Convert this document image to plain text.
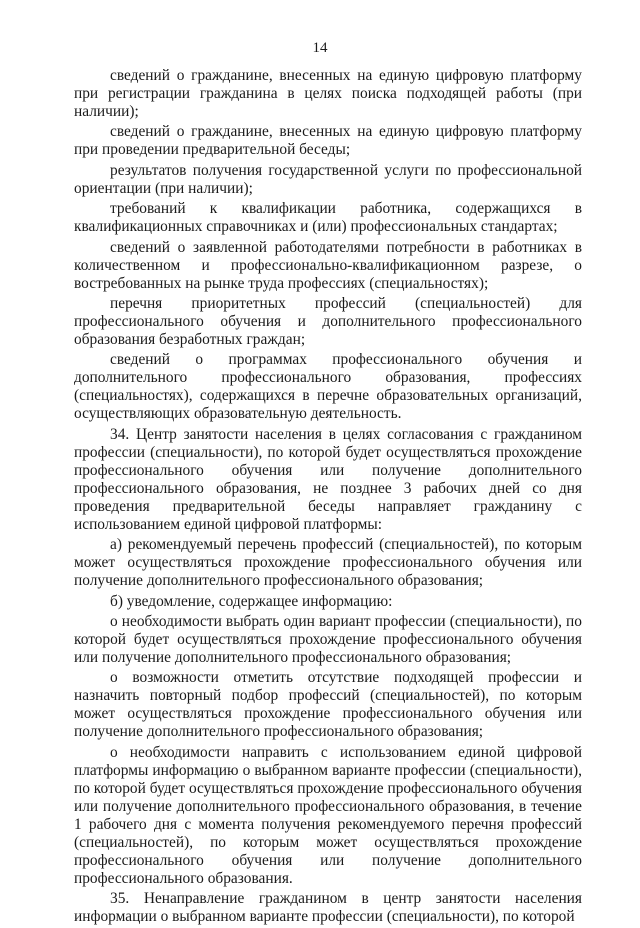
14

сведений о гражданине, внесенных на единую цифровую платформу при регистрации гражданина в целях поиска подходящей работы (при наличии);

сведений о гражданине, внесенных на единую цифровую платформу при проведении предварительной беседы;

результатов получения государственной услуги по профессиональной ориентации (при наличии);

требований к квалификации работника, содержащихся в квалификационных справочниках и (или) профессиональных стандартах;

сведений о заявленной работодателями потребности в работниках в количественном и профессионально-квалификационном разрезе, о востребованных на рынке труда профессиях (специальностях);

перечня приоритетных профессий (специальностей) для профессионального обучения и дополнительного профессионального образования безработных граждан;

сведений о программах профессионального обучения и дополнительного профессионального образования, профессиях (специальностях), содержащихся в перечне образовательных организаций, осуществляющих образовательную деятельность.

34. Центр занятости населения в целях согласования с гражданином профессии (специальности), по которой будет осуществляться прохождение профессионального обучения или получение дополнительного профессионального образования, не позднее 3 рабочих дней со дня проведения предварительной беседы направляет гражданину с использованием единой цифровой платформы:

а) рекомендуемый перечень профессий (специальностей), по которым может осуществляться прохождение профессионального обучения или получение дополнительного профессионального образования;

б) уведомление, содержащее информацию:

о необходимости выбрать один вариант профессии (специальности), по которой будет осуществляться прохождение профессионального обучения или получение дополнительного профессионального образования;

о возможности отметить отсутствие подходящей профессии и назначить повторный подбор профессий (специальностей), по которым может осуществляться прохождение профессионального обучения или получение дополнительного профессионального образования;

о необходимости направить с использованием единой цифровой платформы информацию о выбранном варианте профессии (специальности), по которой будет осуществляться прохождение профессионального обучения или получение дополнительного профессионального образования, в течение 1 рабочего дня с момента получения рекомендуемого перечня профессий (специальностей), по которым может осуществляться прохождение профессионального обучения или получение дополнительного профессионального образования.

35. Ненаправление гражданином в центр занятости населения информации о выбранном варианте профессии (специальности), по которой
